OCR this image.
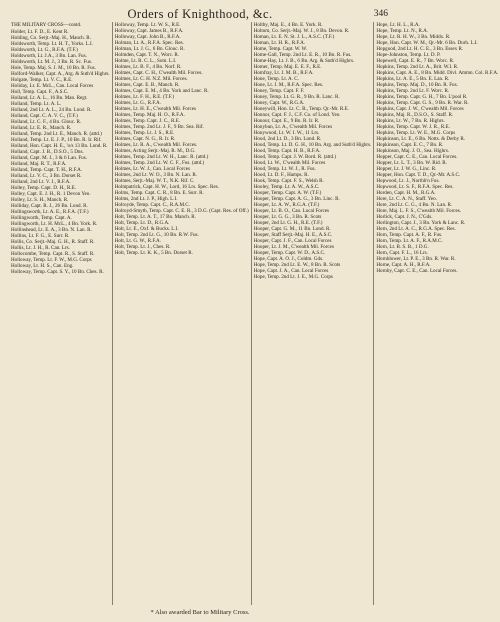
Orders of Knighthood, &c.	346
THE MILITARY CROSS—contd.
Holder, Lt. F. D., E. Kent R.
Holding, Co. Serjt.-Maj. H., Manch. R.
Holdsworth, Temp. Lt. H. T., Yorks. L.I.
Holdsworth, Lt. G., R.F.A. (T.F.)
Holdsworth, Lt. J.A., 3 Bn. Lan. Fus.
Holdsworth, Lt. M. J., 3 Bn. R. Sc. Fus.
Hole, Temp. Maj. S. J. M., 10 Bn. R. Fus.
Holford-Walker, Capt. A., Arg. & Suth'd Highrs.
Holgate, Temp. Lt. V. C., R.E.
Holiday, Lt. E. McL., Can. Local Forces
Holl, Temp. Capt. F., A.S.C.
Holland, Lt. A. L., 16 Bn. Man. Regt.
Holland, Temp. Lt. A. L.
Holland, 2nd Lt. A. L., 24 Bn. Lond. R.
Holland, Capt. C. A. V. C., (T.F.)
Holland, Lt. C. F., 4 Bn. Glouc. R.
Holland, Lt. E. R., Manch. R.
Holland, Temp. 2nd Lt. E., Manch. R. (attd.)
Holland, Temp. Lt. E. J. P., 10 Bn. R. Ir. Rif.
Holland, Hon. Capt. H. E., 'o/s 13 Bn. Lond. R.
Holland, Capt. J. B., D.S.O., 5 Dns.
Holland, Capt. M. J., 3 & 6 Lan. Fus.
Holland, Maj. R. T., R.F.A.
Holland, Temp. Capt. T. H., R.F.A.
Holland, Lt. V. C., 3 Bn. Dorset R.
Holland, 2nd Lt. V. J., R.F.A.
Holley, Temp. Capt. D. H., R.E.
Holley, Capt. E. J. H., R. 1 Devon Yeo.
Holley, Lt. S. H., Manch. R.
Holliday, Capt. R. J., 26 Bn. Lond. R.
Hollingsworth, Lt. A. E., R.F.A. (T.F.)
Hollingworth, Temp. Capt. A.
Hollingworth, Lt. H. McL., 4 Bn. York. R.
Hollinshead, Lt. E. A., 3 Bn. N. Lan. R.
Hollins, Lt. F. G., E. Surr. R.
Hollis, Co. Serjt.-Maj. G. H., R. Staff. R.
Hollis, Lt. J. H., R. Can. Lrs.
Hollocombe, Temp. Capt. R., S. Staff. R.
Holloway, Temp. Lt. F. W., M.G. Corps
Holloway, Lt. H. S., Can. Eng.
Holloway, Temp. Capt. S. Y., 10 Bn. Ches. R.
Holloway, Temp. Lt. W. S., R.E.
Holloway, Capt. James B., R.F.A.
Holloway, Capt. John B., R.F.A.
Holman, Lt. A., R.F.A. Spec. Res.
Holman, Lt. J. G., 6 Bn. Glouc. R.
Holmden, Capt. T. N., Worc. R.
Holme, Lt. R. C. L., Som. L.I.
Holmes, Lt. B. F., 4 Bn. Norf. R.
Holmes, Capt. C. H., C'wealth Mil. Forces.
Holmes, Lt. C. H. N.Z. Mil. Forces.
Holmes, Capt. E. B., Manch. R.
Holmes, Capt. E. M., 4 Bn. York and Lanc. R.
Holmes, Lt. F. H., R.E. (T.F.)
Holmes, Lt. G., R.F.A.
Holmes, Lt. H. E., C'wealth Mil. Forces
Holmes, Temp. Maj. H. O., R.F.A.
Holmes, Temp. Capt. J. C., R.E.
Holmes, Temp. 2nd Lt. J. F., 9 Bn. Sea. Rif.
Holmes, Temp. Lt. J. S., R.E.
Holmes, Capt. N. G., R. Ir. R.
Holmes, Lt. R. A., C'wealth Mil. Forces.
Holmes, Acting Serjt.-Maj. R. M., D.G.
Holmes, Temp. 2nd Lt. W. H., Lanc. R. (attd.)
Holmes, Temp. 2nd Lt. W. C. F., Fus. (attd.)
Holmes, Lt. W. J., Can. Local Forces
Holmes, 2nd Lt. W. O., 3 Bn. N. Lan. R.
Holmes, Serjt.-Maj. W. T., N.K. Rif. C.
Holmpatrick, Capt. H. W., Lord, 16 Lrs. Spec. Res.
Holms, Temp. Capt. C. R., 8 Bn. E. Surr. R.
Holms, 2nd Lt. J. P., High. L.I.
Holroyde, Temp. Capt. C., R.A.M.C.
Holroyd-Smyth, Temp. Capt. C. E. R., 3 D.G. (Capt. Res. of Off.)
Holt, Temp. Lt. A. T., 17 Bn. Manch. R.
Holt, Temp. Lt. D., R.G.A.
Holt, Lt. E., Oxf. & Bucks. L.I.
Holt, Temp. 2nd Lt. G., 10 Bn. R.W. Fus.
Holt, Lt. G. W., R.F.A.
Holt, Temp. Lt. J., Ches. R.
Holt, Temp. Lt. K. K., 5 Bn. Dorset R.
Holtby, Maj. E., 4 Bn. E. York. R.
Holtom, Co. Serjt.-Maj. W. J., 8 Bn. Devon. R.
Homan, Lt. E. N. St. J. L., A.S.C. (T.F.)
Homan, Lt. H. R., R.F.A.
Home, Temp. Capt. W. W.
Home-Gall, Temp. 2nd Lt. E. R., 10 Bn. R. Fus.
Home-Hay, Lt. J. B., 6 Bn. Arg. & Suth'd Highrs.
Homer, Temp. Maj. E. E. F., R.E.
Homfray, Lt. J. M. B., R.F.A.
Hone, Temp. Lt. A. C.
Hone, Lt. J. M., R.F.A. Spec. Res.
Honey, Temp. Capt. F. F.
Honey, Temp. Lt. G. R., 9 Bn. R. Lanc. R.
Honey, Capt. W., R.G.A.
Honeywill, Hon. Lt. C. R., Temp. Qr.-Mr. R.E.
Honnor, Capt. F. J., C.F. Co. of Lond. Yeo.
Honour, Capt. E., 9 Bn. R. Ir. R.
Honybun, Lt. A., C'wealth Mil. Forces
Honywood, Lt. W. I. W., 11 Lrs.
Hood, 2nd Lt. D., 3 Bn. Lond. R.
Hood, Temp. Lt. D. G. H., 10 Bn. Arg. and Suth'd Highrs.
Hood, Temp. Capt. H. B., R.F.A.
Hood, Temp. Capt. J. W. Bord. R. (attd.)
Hood, Lt. W., C'wealth Mil. Forces
Hood, Temp. Lt. W. J., R. Fus.
Hood, Lt. D. F., Hamps. R.
Hook, Temp. Capt. F. S., Welsh R.
Hooley, Temp. Lt. A. W., A.S.C.
Hooper, Temp. Capt. A. W. (T.F.)
Hooper, Temp. Capt. A. G., 3 Bn. Linc. R.
Hooper, Lt. A. W., R.G.A. (T.F.)
Hooper, Lt. B. O., Can. Local Forces
Hooper, Lt. G. G., 3 Bn. R. Scots
Hooper, 2nd Lt. G. H., R.E. (T.F.)
Hooper, Capt. G. M., 11 Bn. Lond. R.
Hooper, Staff Serjt.-Maj. H. E., A.S.C.
Hooper, Capt. J. F., Can. Local Forces
Hooper, Lt. J. M., C'wealth Mil. Forces
Hooper, Temp. Capt. W. D., A.S.C.
Hope, Capt. A. O. J., Coldm. Gds.
Hope, Temp. 2nd Lt. E. W., 8 Bn. R. Scots
Hope, Capt. J. A., Can. Local Forces
Hope, Temp. 2nd Lt. J. E., M.G. Corps
Hope, Lt. H. L., R.A.
Hope, Temp. Lt. N., R.A.
Hope, Lt. R. H. W., 3 Bn. Middx. R.
Hope, Hon. Capt. W. M., Qr.-Mr. 6 Bn. Durh. L.I.
Hopgood, 2nd Lt. H. C. E., 3 Bn. Essex R.
Hope-Johnston, Temp. Lt. D. P.
Hopewell, Capt. E. R., 7 Bn. Worc. R.
Hopkins, Temp. 2nd Lt. A., Brit. W.I. R.
Hopkins, Capt. A. E., 8 Bn. Midd. Divl. Ammn. Col. R.F.A.
Hopkins, Lt. A. E., 5 Bn. E. Lan. R.
Hopkins, Temp. Maj. D., 10 Bn. R. Fus.
Hopkins, Temp. 2nd Lt. F. Worc. R.
Hopkins, Temp. Capt. G. H., 7 Bn. L'pool R.
Hopkins, Temp. Capt. G. S., 9 Bn. R. War. R.
Hopkins, Capt. J. W., C'wealth Mil. Forces
Hopkins, Maj. R., D.S.O., S. Staff. R.
Hopkins, Lt. W., 7 Bn. R. Highrs.
Hopkins, Temp. Capt. W. J. R., R.E.
Hopkins, Temp. Lt. W. E., M.G. Corps
Hopkinson, Lt. E., 6 Bn. Notts. & Derby R.
Hopkinson, Capt. E. C., 7 Bn. R.
Hopkinson, Maj. J. O., Sea. Highrs.
Hopper, Capt. C. E., Can. Local Forces.
Hopper, Lt. L. T., 3 Bn. W. Rid. R.
Hopper, Lt. J. W. G., Linc. R.
Hopper, Hon. Capt. T. D., Qr.-Mr. A.S.C.
Hopwood, Lt. J., Northb'n Fus.
Hopwood, Lt. S. F., R.F.A. Spec. Res.
Horden, Capt. H. M., R.G.A.
Hore, Lt. C. A. N., Staff. Yeo.
Hore, 2nd Lt. C. G., 4 Bn. N. Lan. R.
Hore, Maj. L. F. S., C'wealth Mil. Forces.
Horlick, Capt. J. N., C'Gds.
Horlington, Capt. J., 3 Bn. York & Lanc. R.
Horn, 2nd Lt. A. C., R.G.A. Spec. Res.
Horn, Temp. Capt. A. F., R. Fus.
Horn, Temp. Lt. A. F., R.A.M.C.
Horn, Lt. B. S. B., 1 D.G.
Horn, Capt. F. L., 16 Lrs.
Hornblower, Lt. P. E., 3 Bn. R. War. R.
Horne, Capt. A. H., R.F.A.
Hornby, Capt. C. E., Can. Local Forces.
* Also awarded Bar to Military Cross.
